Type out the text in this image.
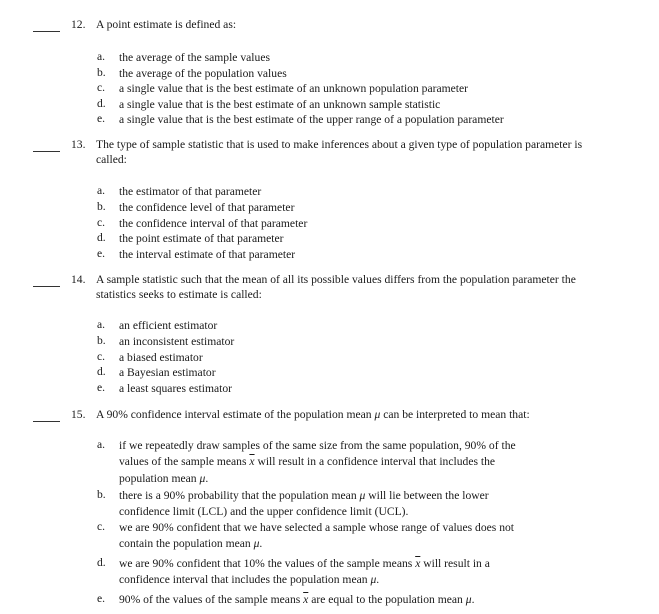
12. A point estimate is defined as:
a. the average of the sample values
b. the average of the population values
c. a single value that is the best estimate of an unknown population parameter
d. a single value that is the best estimate of an unknown sample statistic
e. a single value that is the best estimate of the upper range of a population parameter
13. The type of sample statistic that is used to make inferences about a given type of population parameter is
called:
a. the estimator of that parameter
b. the confidence level of that parameter
c. the confidence interval of that parameter
d. the point estimate of that parameter
e. the interval estimate of that parameter
14. A sample statistic such that the mean of all its possible values differs from the population parameter the
statistics seeks to estimate is called:
a. an efficient estimator
b. an inconsistent estimator
c. a biased estimator
d. a Bayesian estimator
e. a least squares estimator
15. A 90% confidence interval estimate of the population mean μ can be interpreted to mean that:
a. if we repeatedly draw samples of the same size from the same population, 90% of the
values of the sample means $\overline{x}$ will result in a confidence interval that includes the
population mean μ.
b. there is a 90% probability that the population mean μ will lie between the lower
confidence limit (LCL) and the upper confidence limit (UCL).
c. we are 90% confident that we have selected a sample whose range of values does not
contain the population mean μ.
d. we are 90% confident that 10% the values of the sample means $\overline{x}$ will result in a
confidence interval that includes the population mean μ.
e. 90% of the values of the sample means $\overline{x}$ are equal to the population mean μ.
